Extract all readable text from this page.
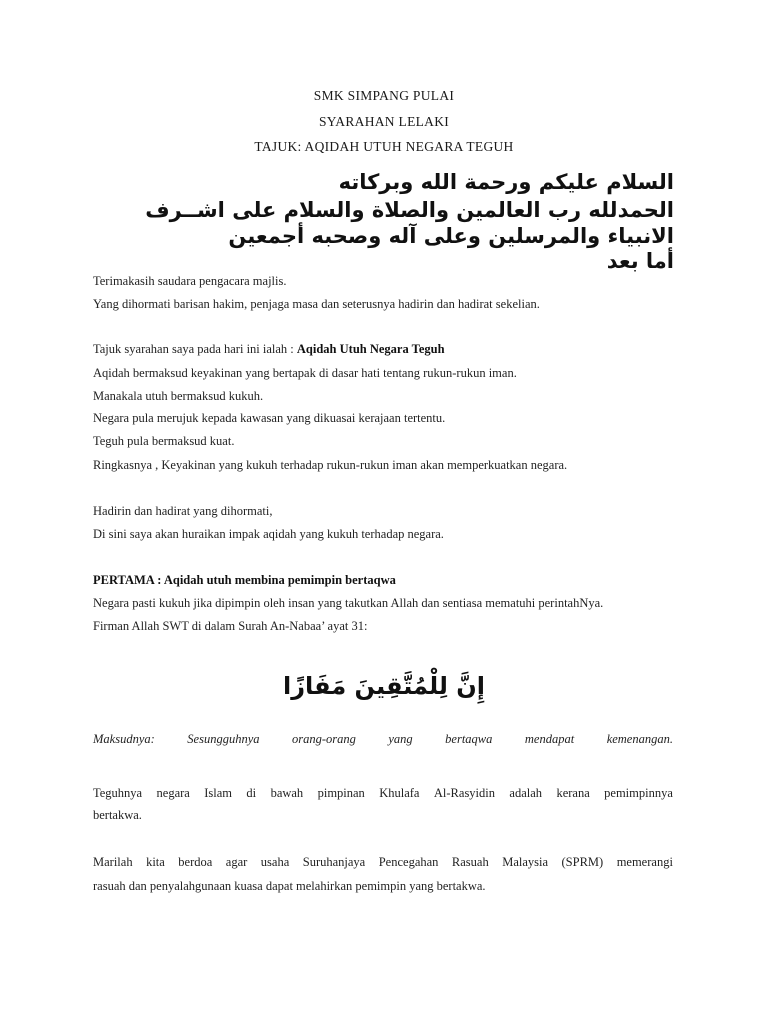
SMK SIMPANG PULAI
SYARAHAN LELAKI
TAJUK: AQIDAH UTUH NEGARA TEGUH
السلام عليكم ورحمة الله وبركاته
الحمدلله رب العالمين والصلاة والسلام على اشــرف
الانبياء والمرسلين وعلى آله وصحبه أجمعين
أما بعد
Terimakasih saudara pengacara majlis.
Yang dihormati barisan hakim, penjaga masa dan seterusnya hadirin dan hadirat sekelian.
Tajuk syarahan saya pada hari ini ialah : Aqidah Utuh Negara Teguh
Aqidah bermaksud keyakinan yang bertapak di dasar hati tentang rukun-rukun iman.
Manakala utuh bermaksud kukuh.
Negara pula merujuk kepada kawasan yang dikuasai kerajaan tertentu.
Teguh pula bermaksud kuat.
Ringkasnya , Keyakinan yang kukuh terhadap rukun-rukun iman akan memperkuatkan negara.
Hadirin dan hadirat yang dihormati,
Di sini saya akan huraikan impak aqidah yang kukuh terhadap negara.
PERTAMA : Aqidah utuh membina pemimpin bertaqwa
Negara pasti kukuh jika dipimpin oleh insan yang takutkan Allah dan sentiasa mematuhi perintahNya.
Firman Allah SWT di dalam Surah An-Nabaa’ ayat 31:
إِنَّ لِلْمُتَّقِينَ مَفَازًا
Maksudnya:	Sesungguhnya	orang-orang	yang	bertaqwa	mendapat	kemenangan.
Teguhnya negara Islam di bawah pimpinan Khulafa Al-Rasyidin adalah kerana pemimpinnya
bertakwa.
Marilah kita berdoa agar usaha Suruhanjaya Pencegahan Rasuah Malaysia (SPRM) memerangi
rasuah dan penyalahgunaan kuasa dapat melahirkan pemimpin yang bertakwa.
